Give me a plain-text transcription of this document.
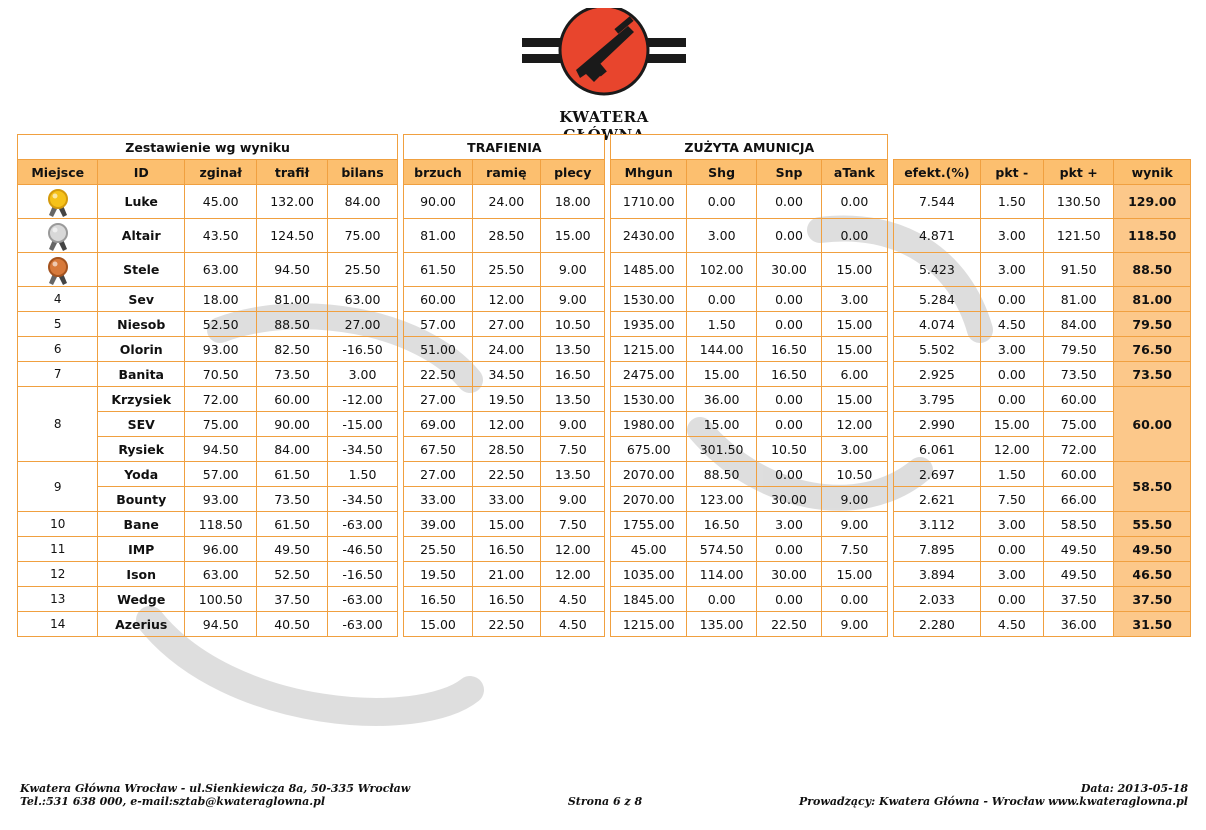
KWATERA
Zestawienie wg wyniku						TRAFIENIA				ZUŻYTA AMUNICJA								
Miejsce	ID	zginał	trafił	bilans		brzuch	ramię	plecy		Mhgun	Shg	Snp	aTank		efekt.(%)	pkt -	pkt +	wynik
	Luke	45.00	132.00	84.00		90.00	24.00	18.00		1710.00	0.00	0.00	0.00		7.544	1.50	130.50	129.00
	Altair	43.50	124.50	75.00		81.00	28.50	15.00		2430.00	3.00	0.00	0.00		4.871	3.00	121.50	118.50
	Stele	63.00	94.50	25.50		61.50	25.50	9.00		1485.00	102.00	30.00	15.00		5.423	3.00	91.50	88.50
4	Sev	18.00	81.00	63.00		60.00	12.00	9.00		1530.00	0.00	0.00	3.00		5.284	0.00	81.00	81.00
5	Niesob	52.50	88.50	27.00		57.00	27.00	10.50		1935.00	1.50	0.00	15.00		4.074	4.50	84.00	79.50
6	Olorin	93.00	82.50	-16.50		51.00	24.00	13.50		1215.00	144.00	16.50	15.00		5.502	3.00	79.50	76.50
7	Banita	70.50	73.50	3.00		22.50	34.50	16.50		2475.00	15.00	16.50	6.00		2.925	0.00	73.50	73.50
8	Krzysiek	72.00	60.00	-12.00		27.00	19.50	13.50		1530.00	36.00	0.00	15.00		3.795	0.00	60.00	60.00
	SEV	75.00	90.00	-15.00		69.00	12.00	9.00		1980.00	15.00	0.00	12.00		2.990	15.00	75.00	
	Rysiek	94.50	84.00	-34.50		67.50	28.50	7.50		675.00	301.50	10.50	3.00		6.061	12.00	72.00	
9	Yoda	57.00	61.50	1.50		27.00	22.50	13.50		2070.00	88.50	0.00	10.50		2.697	1.50	60.00	58.50
	Bounty	93.00	73.50	-34.50		33.00	33.00	9.00		2070.00	123.00	30.00	9.00		2.621	7.50	66.00	
10	Bane	118.50	61.50	-63.00		39.00	15.00	7.50		1755.00	16.50	3.00	9.00		3.112	3.00	58.50	55.50
11	IMP	96.00	49.50	-46.50		25.50	16.50	12.00		45.00	574.50	0.00	7.50		7.895	0.00	49.50	49.50
12	Ison	63.00	52.50	-16.50		19.50	21.00	12.00		1035.00	114.00	30.00	15.00		3.894	3.00	49.50	46.50
13	Wedge	100.50	37.50	-63.00		16.50	16.50	4.50		1845.00	0.00	0.00	0.00		2.033	0.00	37.50	37.50
14	Azerius	94.50	40.50	-63.00		15.00	22.50	4.50		1215.00	135.00	22.50	9.00		2.280	4.50	36.00	31.50
Kwatera Główna Wrocław - ul.Sienkiewicza 8a, 50-335 Wrocław
Tel.:531 638 000, e-mail:sztab@kwateraglowna.pl	Strona 6 z 8
Data: 2013-05-18
Prowadzący: Kwatera Główna - Wrocław www.kwateraglowna.pl
